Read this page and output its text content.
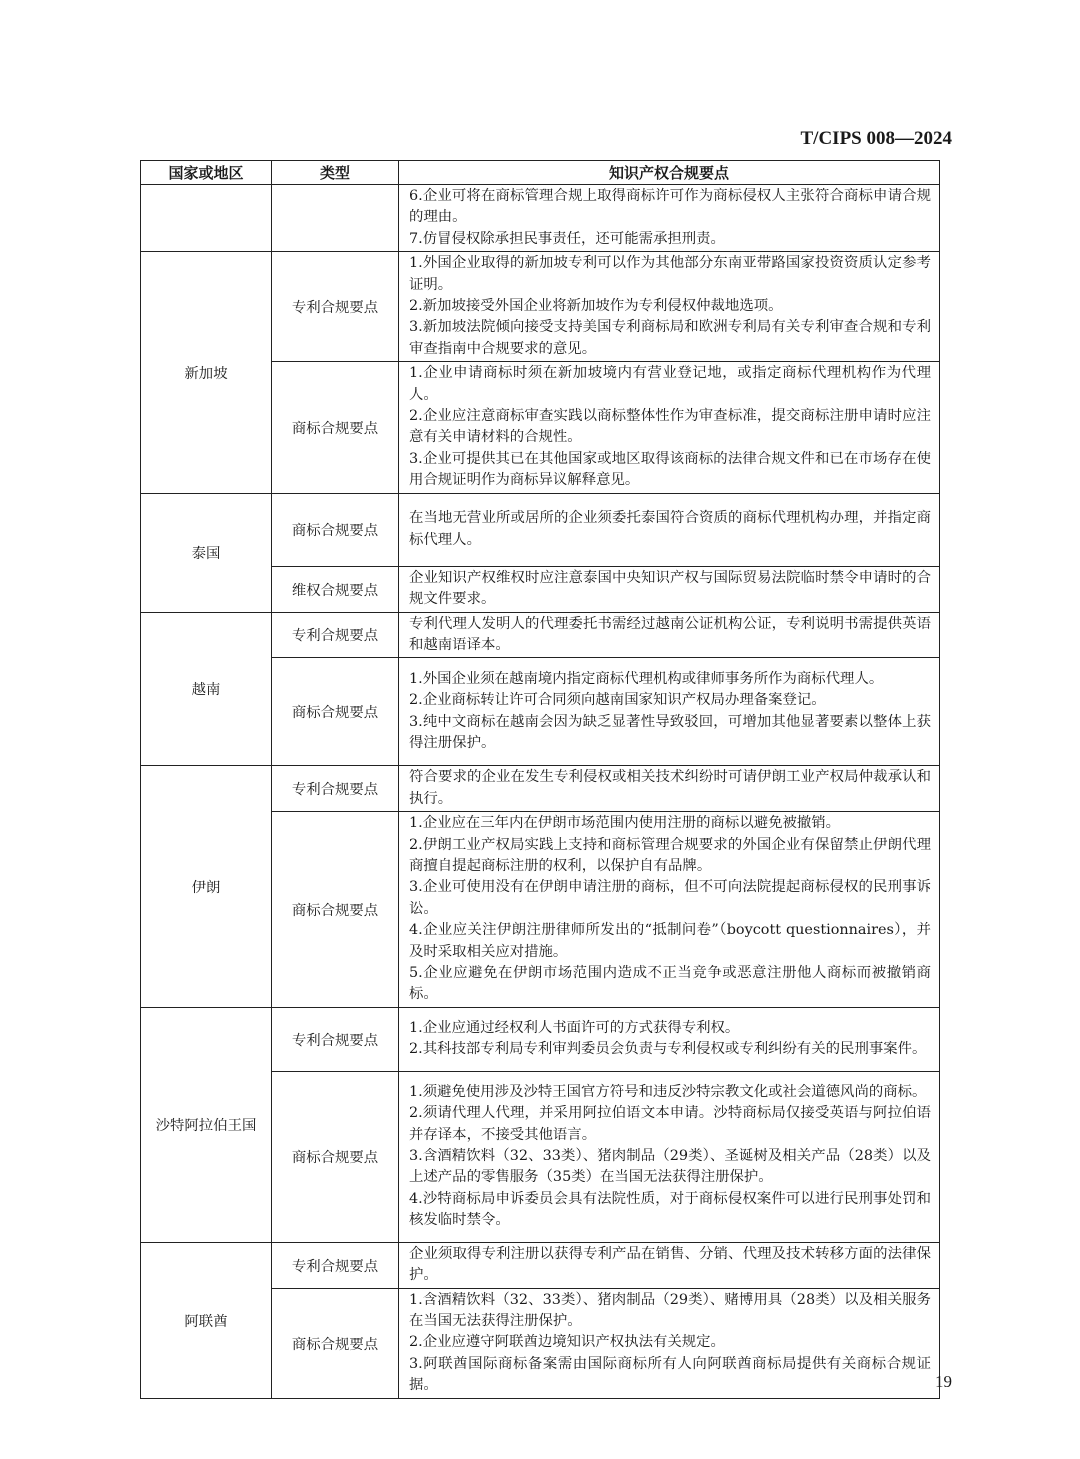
T/CIPS 008—2024
国家或地区	类型	知识产权合规要点

		6.企业可将在商标管理合规上取得商标许可作为商标侵权人主张符合商标申请合规的理由。

7.仿冒侵权除承担民事责任，还可能需承担刑责。

新加坡	专利合规要点	1.外国企业取得的新加坡专利可以作为其他部分东南亚带路国家投资资质认定参考证明。

2.新加坡接受外国企业将新加坡作为专利侵权仲裁地选项。

3.新加坡法院倾向接受支持美国专利商标局和欧洲专利局有关专利审查合规和专利审查指南中合规要求的意见。

	商标合规要点	1.企业申请商标时须在新加坡境内有营业登记地，或指定商标代理机构作为代理人。

2.企业应注意商标审查实践以商标整体性作为审查标准，提交商标注册申请时应注意有关申请材料的合规性。

3.企业可提供其已在其他国家或地区取得该商标的法律合规文件和已在市场存在使用合规证明作为商标异议解释意见。

泰国	商标合规要点	在当地无营业所或居所的企业须委托泰国符合资质的商标代理机构办理，并指定商标代理人。

	维权合规要点	企业知识产权维权时应注意泰国中央知识产权与国际贸易法院临时禁令申请时的合规文件要求。

越南	专利合规要点	专利代理人发明人的代理委托书需经过越南公证机构公证，专利说明书需提供英语和越南语译本。

	商标合规要点	1.外国企业须在越南境内指定商标代理机构或律师事务所作为商标代理人。

2.企业商标转让许可合同须向越南国家知识产权局办理备案登记。

3.纯中文商标在越南会因为缺乏显著性导致驳回，可增加其他显著要素以整体上获得注册保护。

伊朗	专利合规要点	符合要求的企业在发生专利侵权或相关技术纠纷时可请伊朗工业产权局仲裁承认和执行。

	商标合规要点	1.企业应在三年内在伊朗市场范围内使用注册的商标以避免被撤销。

2.伊朗工业产权局实践上支持和商标管理合规要求的外国企业有保留禁止伊朗代理商擅自提起商标注册的权利，以保护自有品牌。

3.企业可使用没有在伊朗申请注册的商标，但不可向法院提起商标侵权的民刑事诉讼。

4.企业应关注伊朗注册律师所发出的“抵制问卷”（boycott questionnaires），并及时采取相关应对措施。

5.企业应避免在伊朗市场范围内造成不正当竞争或恶意注册他人商标而被撤销商标。

沙特阿拉伯王国	专利合规要点	1.企业应通过经权利人书面许可的方式获得专利权。

2.其科技部专利局专利审判委员会负责与专利侵权或专利纠纷有关的民刑事案件。

	商标合规要点	1.须避免使用涉及沙特王国官方符号和违反沙特宗教文化或社会道德风尚的商标。

2.须请代理人代理，并采用阿拉伯语文本申请。沙特商标局仅接受英语与阿拉伯语并存译本，不接受其他语言。

3.含酒精饮料（32、33类）、猪肉制品（29类）、圣诞树及相关产品（28类）以及上述产品的零售服务（35类）在当国无法获得注册保护。

4.沙特商标局申诉委员会具有法院性质，对于商标侵权案件可以进行民刑事处罚和核发临时禁令。

阿联酋	专利合规要点	企业须取得专利注册以获得专利产品在销售、分销、代理及技术转移方面的法律保护。

	商标合规要点	1.含酒精饮料（32、33类）、猪肉制品（29类）、赌博用具（28类）以及相关服务在当国无法获得注册保护。

2.企业应遵守阿联酋边境知识产权执法有关规定。

3.阿联酋国际商标备案需由国际商标所有人向阿联酋商标局提供有关商标合规证据。	19
